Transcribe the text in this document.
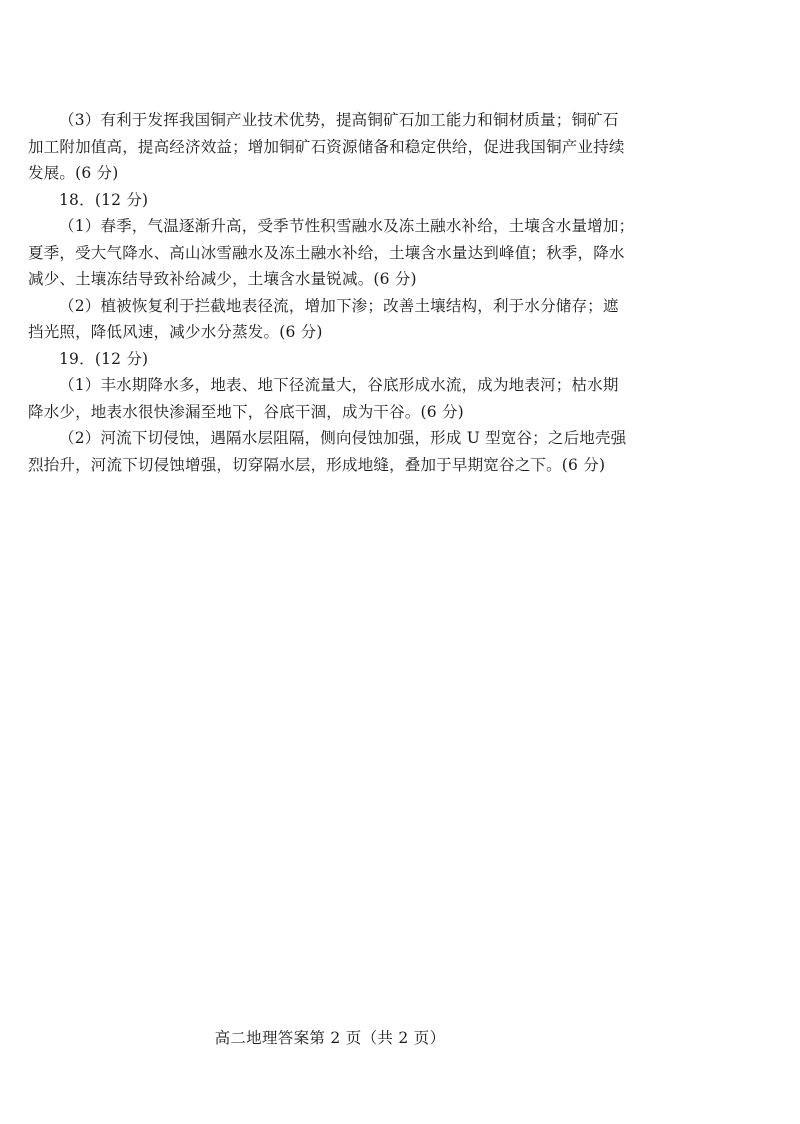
（3）有利于发挥我国铜产业技术优势，提高铜矿石加工能力和铜材质量；铜矿石
加工附加值高，提高经济效益；增加铜矿石资源储备和稳定供给，促进我国铜产业持续
发展。(6 分)
18．(12 分)
（1）春季，气温逐渐升高，受季节性积雪融水及冻土融水补给，土壤含水量增加；
夏季，受大气降水、高山冰雪融水及冻土融水补给，土壤含水量达到峰值；秋季，降水
减少、土壤冻结导致补给减少，土壤含水量锐减。(6 分)
（2）植被恢复利于拦截地表径流，增加下渗；改善土壤结构，利于水分储存；遮
挡光照，降低风速，减少水分蒸发。(6 分)
19．(12 分)
（1）丰水期降水多，地表、地下径流量大，谷底形成水流，成为地表河；枯水期
降水少，地表水很快渗漏至地下，谷底干涸，成为干谷。(6 分)
（2）河流下切侵蚀，遇隔水层阻隔，侧向侵蚀加强，形成 U 型宽谷；之后地壳强
烈抬升，河流下切侵蚀增强，切穿隔水层，形成地缝，叠加于早期宽谷之下。(6 分)
高二地理答案第 2 页（共 2 页）
